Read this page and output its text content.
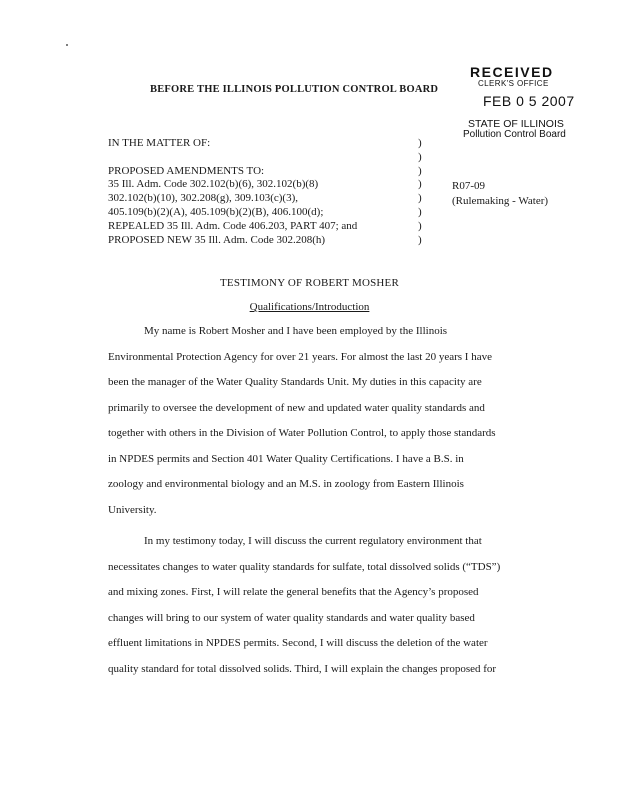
RECEIVED
CLERK'S OFFICE
FEB 0 5 2007
STATE OF ILLINOIS
Pollution Control Board
BEFORE THE ILLINOIS POLLUTION CONTROL BOARD
IN THE MATTER OF:
PROPOSED AMENDMENTS TO:
35 Ill. Adm. Code 302.102(b)(6), 302.102(b)(8)
302.102(b)(10), 302.208(g), 309.103(c)(3),
405.109(b)(2)(A), 405.109(b)(2)(B), 406.100(d);
REPEALED 35 Ill. Adm. Code 406.203, PART 407; and
PROPOSED NEW 35 Ill. Adm. Code 302.208(h)
)
)
)
)
)
)
)
)
R07-09
(Rulemaking - Water)
TESTIMONY OF ROBERT MOSHER
Qualifications/Introduction
My name is Robert Mosher and I have been employed by the Illinois
Environmental Protection Agency for over 21 years. For almost the last 20 years I have
been the manager of the Water Quality Standards Unit. My duties in this capacity are
primarily to oversee the development of new and updated water quality standards and
together with others in the Division of Water Pollution Control, to apply those standards
in NPDES permits and Section 401 Water Quality Certifications. I have a B.S. in
zoology and environmental biology and an M.S. in zoology from Eastern Illinois
University.
In my testimony today, I will discuss the current regulatory environment that
necessitates changes to water quality standards for sulfate, total dissolved solids (“TDS”)
and mixing zones. First, I will relate the general benefits that the Agency’s proposed
changes will bring to our system of water quality standards and water quality based
effluent limitations in NPDES permits. Second, I will discuss the deletion of the water
quality standard for total dissolved solids. Third, I will explain the changes proposed for
